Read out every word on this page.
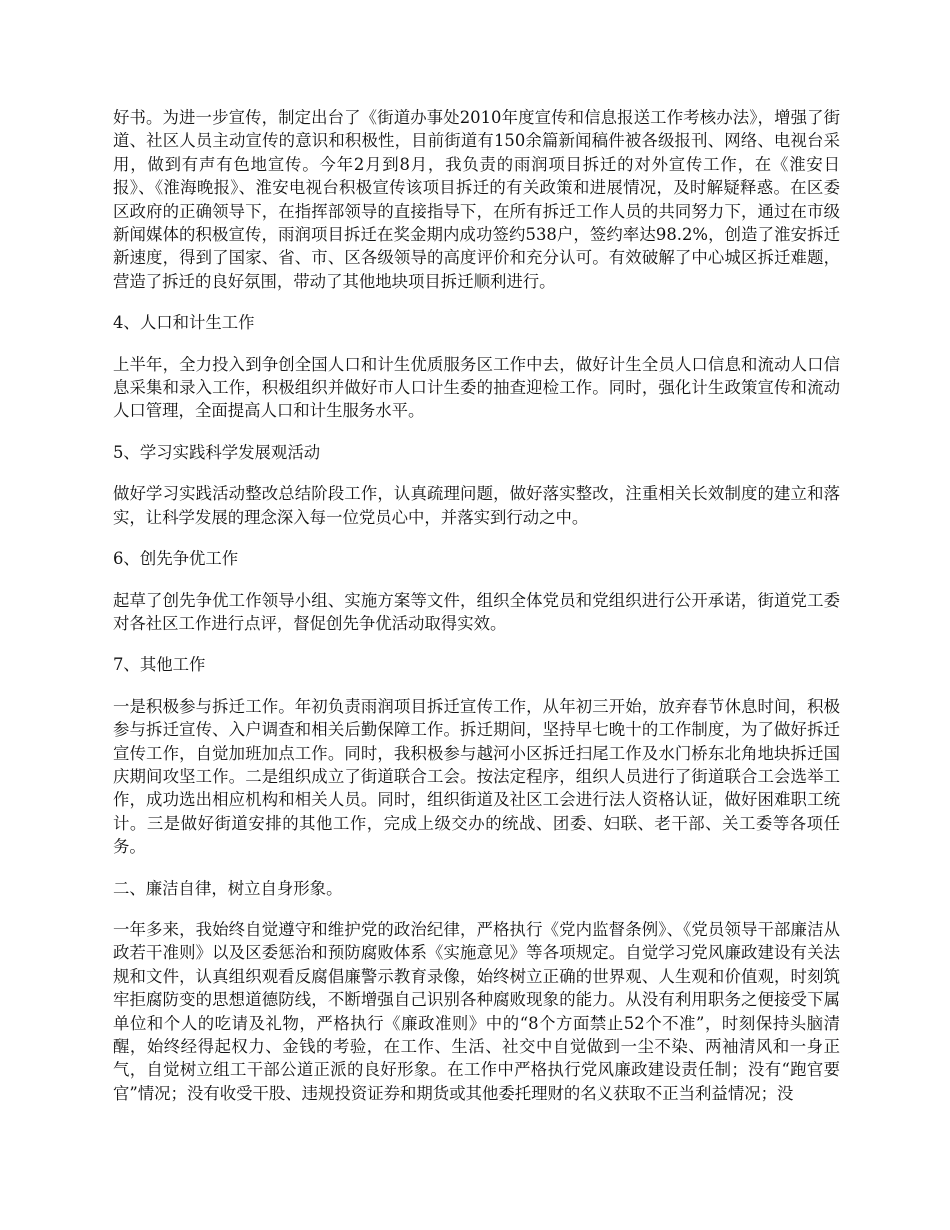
好书。为进一步宣传，制定出台了《街道办事处2010年度宣传和信息报送工作考核办法》，增强了街道、社区人员主动宣传的意识和积极性，目前街道有150余篇新闻稿件被各级报刊、网络、电视台采用，做到有声有色地宣传。今年2月到8月，我负责的雨润项目拆迁的对外宣传工作，在《淮安日报》、《淮海晚报》、淮安电视台积极宣传该项目拆迁的有关政策和进展情况，及时解疑释惑。在区委区政府的正确领导下，在指挥部领导的直接指导下，在所有拆迁工作人员的共同努力下，通过在市级新闻媒体的积极宣传，雨润项目拆迁在奖金期内成功签约538户，签约率达98.2%，创造了淮安拆迁新速度，得到了国家、省、市、区各级领导的高度评价和充分认可。有效破解了中心城区拆迁难题，营造了拆迁的良好氛围，带动了其他地块项目拆迁顺利进行。

4、人口和计生工作

上半年，全力投入到争创全国人口和计生优质服务区工作中去，做好计生全员人口信息和流动人口信息采集和录入工作，积极组织并做好市人口计生委的抽查迎检工作。同时，强化计生政策宣传和流动人口管理，全面提高人口和计生服务水平。

5、学习实践科学发展观活动

做好学习实践活动整改总结阶段工作，认真疏理问题，做好落实整改，注重相关长效制度的建立和落实，让科学发展的理念深入每一位党员心中，并落实到行动之中。

6、创先争优工作

起草了创先争优工作领导小组、实施方案等文件，组织全体党员和党组织进行公开承诺，街道党工委对各社区工作进行点评，督促创先争优活动取得实效。

7、其他工作

一是积极参与拆迁工作。年初负责雨润项目拆迁宣传工作，从年初三开始，放弃春节休息时间，积极参与拆迁宣传、入户调查和相关后勤保障工作。拆迁期间，坚持早七晚十的工作制度，为了做好拆迁宣传工作，自觉加班加点工作。同时，我积极参与越河小区拆迁扫尾工作及水门桥东北角地块拆迁国庆期间攻坚工作。二是组织成立了街道联合工会。按法定程序，组织人员进行了街道联合工会选举工作，成功选出相应机构和相关人员。同时，组织街道及社区工会进行法人资格认证，做好困难职工统计。三是做好街道安排的其他工作，完成上级交办的统战、团委、妇联、老干部、关工委等各项任务。

二、廉洁自律，树立自身形象。

一年多来，我始终自觉遵守和维护党的政治纪律，严格执行《党内监督条例》、《党员领导干部廉洁从政若干准则》以及区委惩治和预防腐败体系《实施意见》等各项规定。自觉学习党风廉政建设有关法规和文件，认真组织观看反腐倡廉警示教育录像，始终树立正确的世界观、人生观和价值观，时刻筑牢拒腐防变的思想道德防线，不断增强自己识别各种腐败现象的能力。从没有利用职务之便接受下属单位和个人的吃请及礼物，严格执行《廉政准则》中的“8个方面禁止52个不准”，时刻保持头脑清醒，始终经得起权力、金钱的考验，在工作、生活、社交中自觉做到一尘不染、两袖清风和一身正气，自觉树立组工干部公道正派的良好形象。在工作中严格执行党风廉政建设责任制；没有“跑官要官”情况；没有收受干股、违规投资证券和期货或其他委托理财的名义获取不正当利益情况；没
